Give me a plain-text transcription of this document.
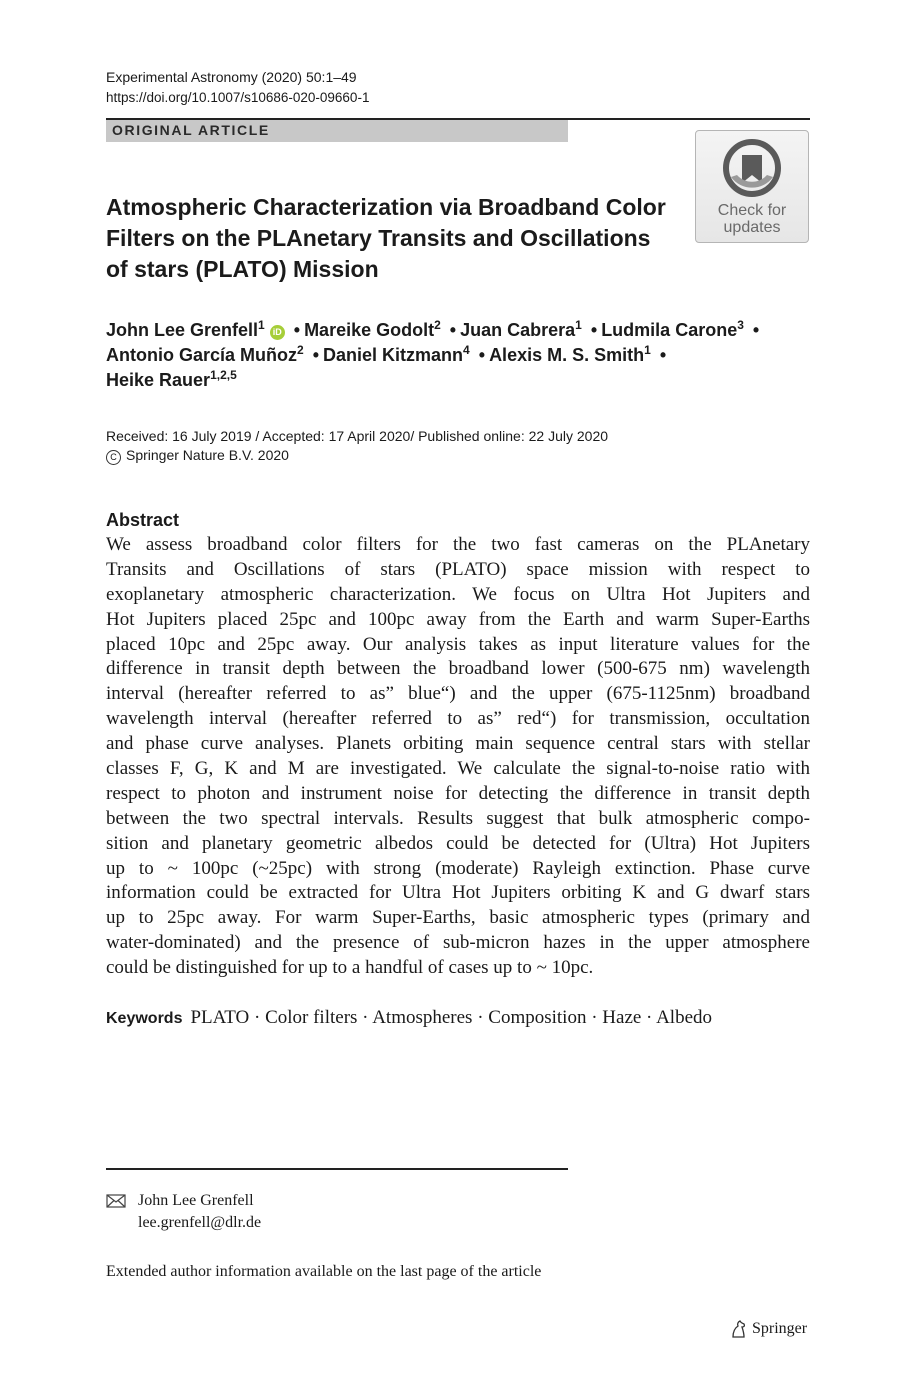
Experimental Astronomy (2020) 50:1–49
https://doi.org/10.1007/s10686-020-09660-1
ORIGINAL ARTICLE
Check for
updates
Atmospheric Characterization via Broadband Color
Filters on the PLAnetary Transits and Oscillations
of stars (PLATO) Mission
John Lee Grenfell$^1$ iD • Mareike Godolt$^2$ • Juan Cabrera$^1$ • Ludmila Carone$^3$ •
Antonio García Muñoz$^2$ • Daniel Kitzmann$^4$ • Alexis M. S. Smith$^1$ •
Heike Rauer$^{1,2,5}$
Received: 16 July 2019 / Accepted: 17 April 2020/ Published online: 22 July 2020
C Springer Nature B.V. 2020
Abstract
We assess broadband color filters for the two fast cameras on the PLAnetary
Transits and Oscillations of stars (PLATO) space mission with respect to
exoplanetary atmospheric characterization. We focus on Ultra Hot Jupiters and
Hot Jupiters placed 25pc and 100pc away from the Earth and warm Super-Earths
placed 10pc and 25pc away. Our analysis takes as input literature values for the
difference in transit depth between the broadband lower (500-675 nm) wavelength
interval (hereafter referred to as” blue“) and the upper (675-1125nm) broadband
wavelength interval (hereafter referred to as” red“) for transmission, occultation
and phase curve analyses. Planets orbiting main sequence central stars with stellar
classes F, G, K and M are investigated. We calculate the signal-to-noise ratio with
respect to photon and instrument noise for detecting the difference in transit depth
between the two spectral intervals. Results suggest that bulk atmospheric compo-
sition and planetary geometric albedos could be detected for (Ultra) Hot Jupiters
up to ~ 100pc (~25pc) with strong (moderate) Rayleigh extinction. Phase curve
information could be extracted for Ultra Hot Jupiters orbiting K and G dwarf stars
up to 25pc away. For warm Super-Earths, basic atmospheric types (primary and
water-dominated) and the presence of sub-micron hazes in the upper atmosphere
could be distinguished for up to a handful of cases up to ~ 10pc.
Keywords PLATO · Color filters · Atmospheres · Composition · Haze · Albedo
John Lee Grenfell
lee.grenfell@dlr.de
Extended author information available on the last page of the article
Springer
